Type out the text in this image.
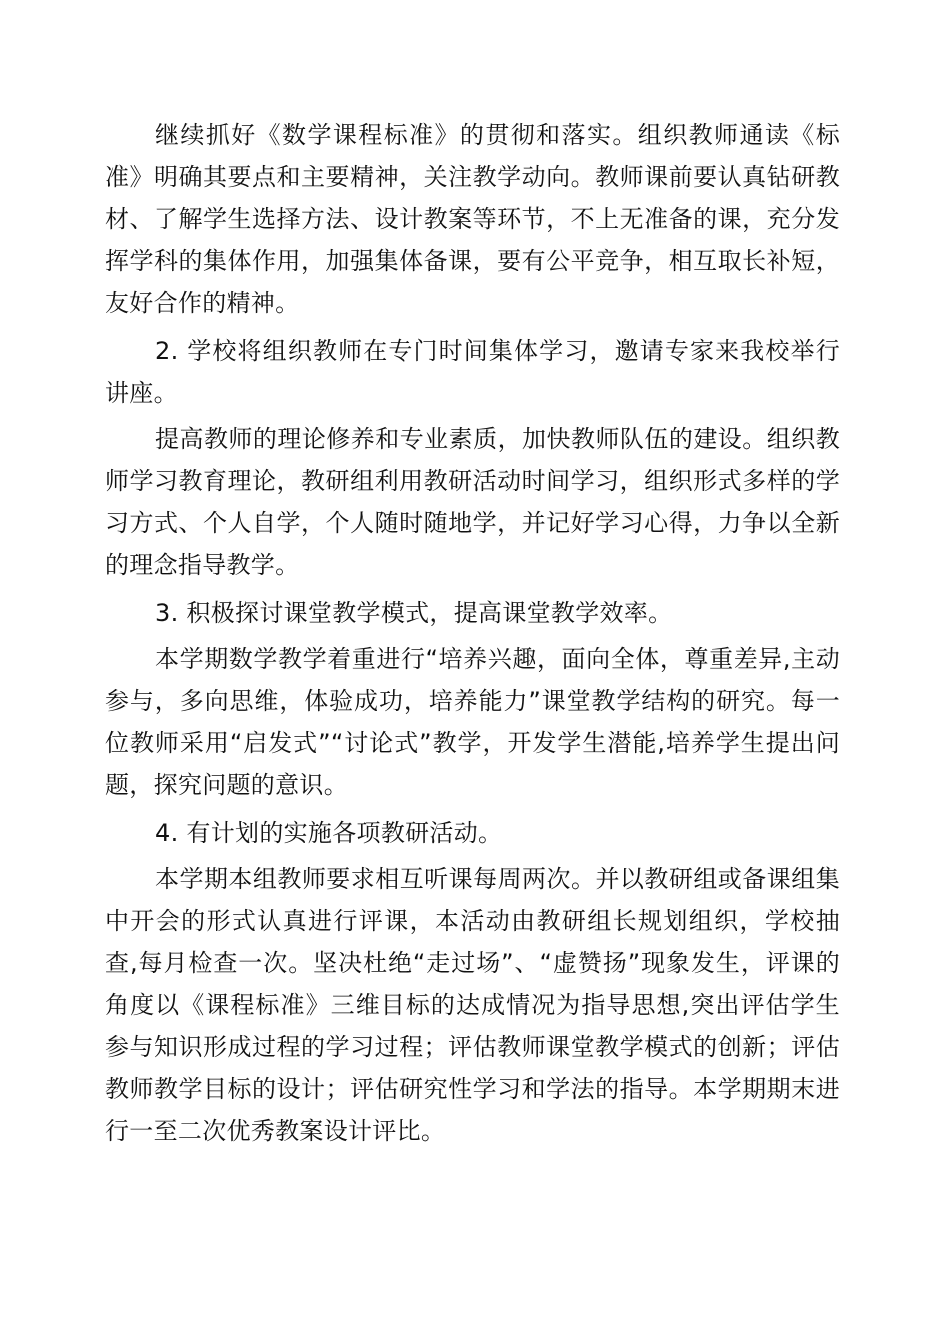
继续抓好《数学课程标准》的贯彻和落实。组织教师通读《标准》明确其要点和主要精神，关注教学动向。教师课前要认真钻研教材、了解学生选择方法、设计教案等环节，不上无准备的课，充分发挥学科的集体作用，加强集体备课，要有公平竞争，相互取长补短，友好合作的精神。

2. 学校将组织教师在专门时间集体学习，邀请专家来我校举行讲座。

提高教师的理论修养和专业素质，加快教师队伍的建设。组织教师学习教育理论，教研组利用教研活动时间学习，组织形式多样的学习方式、个人自学，个人随时随地学，并记好学习心得，力争以全新的理念指导教学。

3. 积极探讨课堂教学模式，提高课堂教学效率。

本学期数学教学着重进行“培养兴趣，面向全体，尊重差异,主动参与，多向思维，体验成功，培养能力”课堂教学结构的研究。每一位教师采用“启发式”“讨论式”教学，开发学生潜能,培养学生提出问题，探究问题的意识。

4. 有计划的实施各项教研活动。

本学期本组教师要求相互听课每周两次。并以教研组或备课组集中开会的形式认真进行评课，本活动由教研组长规划组织，学校抽查,每月检查一次。坚决杜绝“走过场”、“虚赞扬”现象发生，评课的角度以《课程标准》三维目标的达成情况为指导思想,突出评估学生参与知识形成过程的学习过程；评估教师课堂教学模式的创新；评估教师教学目标的设计；评估研究性学习和学法的指导。本学期期末进行一至二次优秀教案设计评比。
